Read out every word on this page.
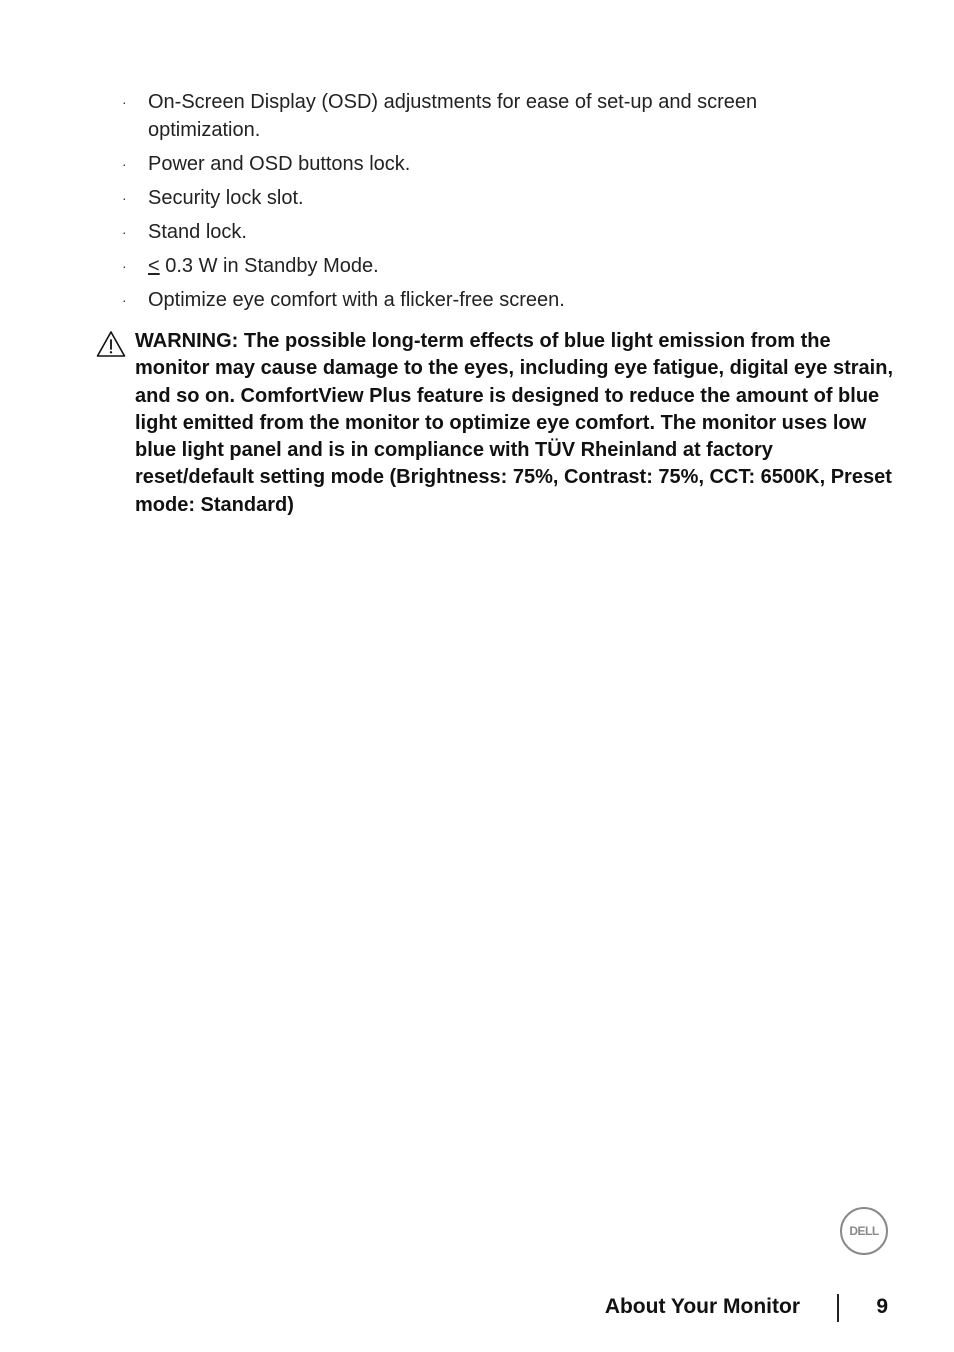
· On-Screen Display (OSD) adjustments for ease of set-up and screen optimization.
· Power and OSD buttons lock.
· Security lock slot.
· Stand lock.
· ≤ 0.3 W in Standby Mode.
· Optimize eye comfort with a flicker-free screen.
WARNING: The possible long-term effects of blue light emission from the monitor may cause damage to the eyes, including eye fatigue, digital eye strain, and so on. ComfortView Plus feature is designed to reduce the amount of blue light emitted from the monitor to optimize eye comfort. The monitor uses low blue light panel and is in compliance with TÜV Rheinland at factory reset/default setting mode (Brightness: 75%, Contrast: 75%, CCT: 6500K, Preset mode: Standard)
DELL
About Your Monitor	9
